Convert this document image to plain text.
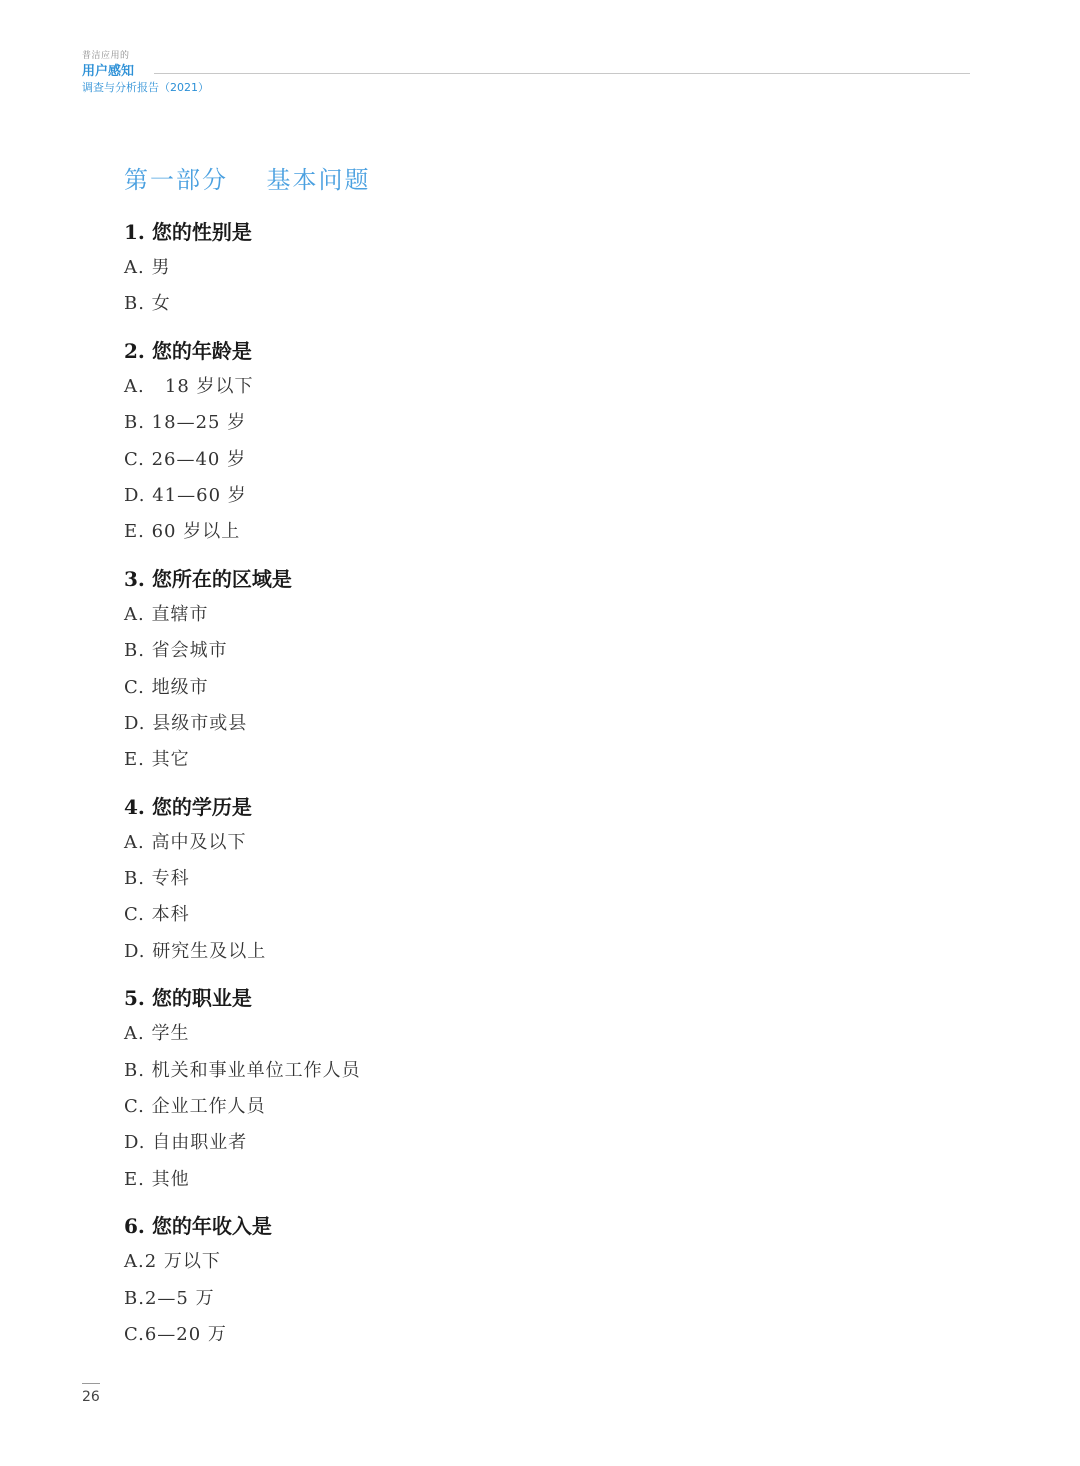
普洁应用的
用户感知
调查与分析报告（2021）
第一部分    基本问题
1. 您的性别是
A. 男
B. 女
2. 您的年龄是
A.   18 岁以下
B. 18—25 岁
C. 26—40 岁
D. 41—60 岁
E. 60 岁以上
3. 您所在的区域是
A. 直辖市
B. 省会城市
C. 地级市
D. 县级市或县
E. 其它
4. 您的学历是
A. 高中及以下
B. 专科
C. 本科
D. 研究生及以上
5. 您的职业是
A. 学生
B. 机关和事业单位工作人员
C. 企业工作人员
D. 自由职业者
E. 其他
6. 您的年收入是
A.2 万以下
B.2—5 万
C.6—20 万
26
